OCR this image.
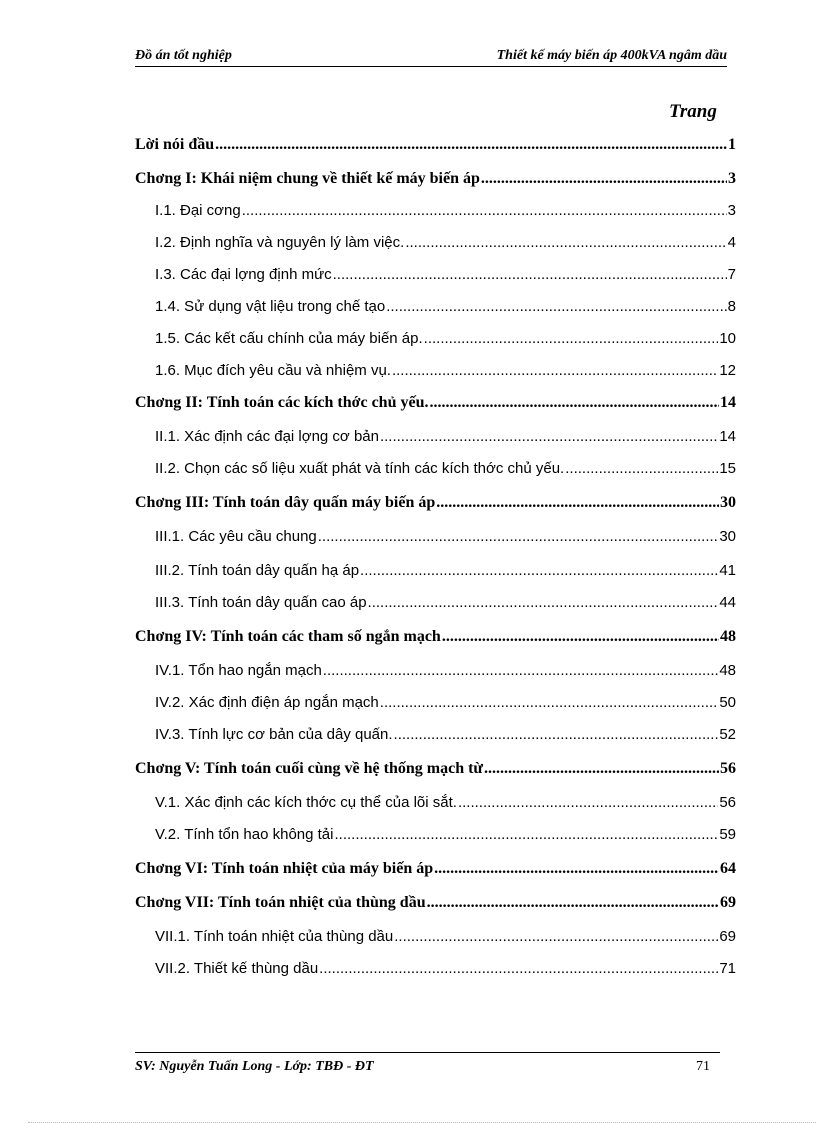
Đồ án tốt nghiệp	Thiết kế máy biến áp 400kVA ngâm dầu
Trang
Lời nói đầu .....	1
Chơng I: Khái niệm chung về thiết kế máy biến áp .....	3
I.1. Đại cơng .....	3
I.2. Định nghĩa và nguyên lý làm việc. .....	4
I.3. Các đại lợng định mức .....	7
1.4. Sử dụng vật liệu trong chế tạo .....	8
1.5. Các kết cấu chính của máy biến áp. .....	10
1.6. Mục đích yêu cầu và nhiệm vụ. .....	12
Chơng II: Tính toán các kích thớc chủ yếu. .....	14
II.1. Xác định các đại lợng cơ bản .....	14
II.2. Chọn các số liệu xuất phát và tính các kích thớc chủ yếu. .....	15
Chơng III: Tính toán dây quấn máy biến áp .....	30
III.1. Các yêu cầu chung .....	30
III.2. Tính toán dây quấn hạ áp .....	41
III.3. Tính toán dây quấn cao áp .....	44
Chơng IV: Tính toán các tham số ngắn mạch .....	48
IV.1. Tổn hao ngắn mạch .....	48
IV.2. Xác định điện áp ngắn mạch .....	50
IV.3. Tính lực cơ bản của dây quấn. .....	52
Chơng V: Tính toán cuối cùng về hệ thống mạch từ .....	56
V.1. Xác định các kích thớc cụ thể của lõi sắt. .....	56
V.2. Tính tổn hao không tải .....	59
Chơng VI: Tính toán nhiệt của máy biến áp .....	64
Chơng VII: Tính toán nhiệt của thùng dầu .....	69
VII.1. Tính toán nhiệt của thùng dầu .....	69
VII.2. Thiết kế thùng dầu .....	71
SV: Nguyễn Tuấn Long - Lớp: TBĐ - ĐT	71
